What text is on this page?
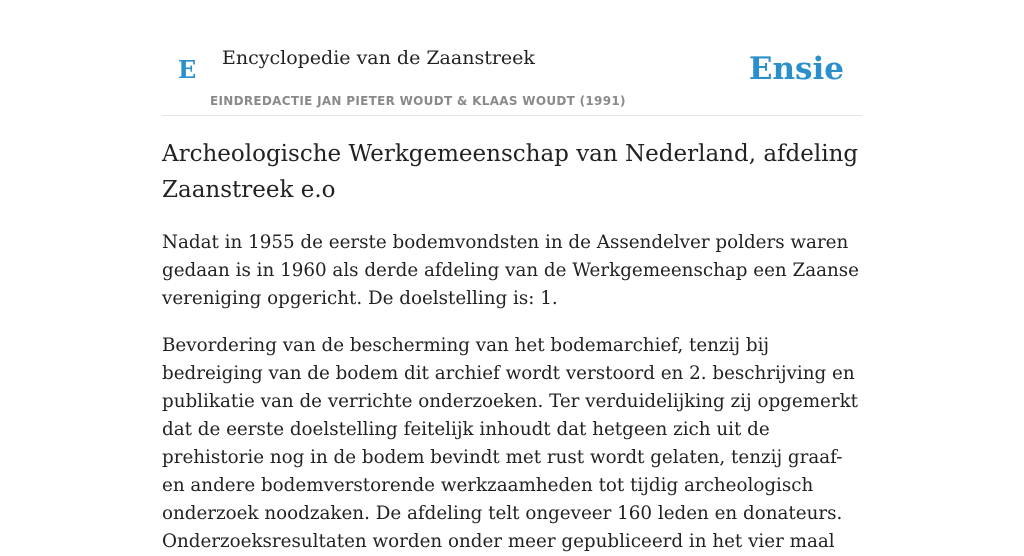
E Encyclopedie van de Zaanstreek
EINDREDACTIE JAN PIETER WOUDT & KLAAS WOUDT (1991)
Ensie
Archeologische Werkgemeenschap van Nederland, afdeling Zaanstreek e.o

Nadat in 1955 de eerste bodemvondsten in de Assendelver polders waren gedaan is in 1960 als derde afdeling van de Werkgemeenschap een Zaanse vereniging opgericht. De doelstelling is: 1.

Bevordering van de bescherming van het bodemarchief, tenzij bij bedreiging van de bodem dit archief wordt verstoord en 2. beschrijving en publikatie van de verrichte onderzoeken. Ter verduidelijking zij opgemerkt dat de eerste doelstelling feitelijk inhoudt dat hetgeen zich uit de prehistorie nog in de bodem bevindt met rust wordt gelaten, tenzij graaf- en andere bodemverstorende werkzaamheden tot tijdig archeologisch onderzoek noodzaken. De afdeling telt ongeveer 160 leden en donateurs. Onderzoeksresultaten worden onder meer gepubliceerd in het vier maal
